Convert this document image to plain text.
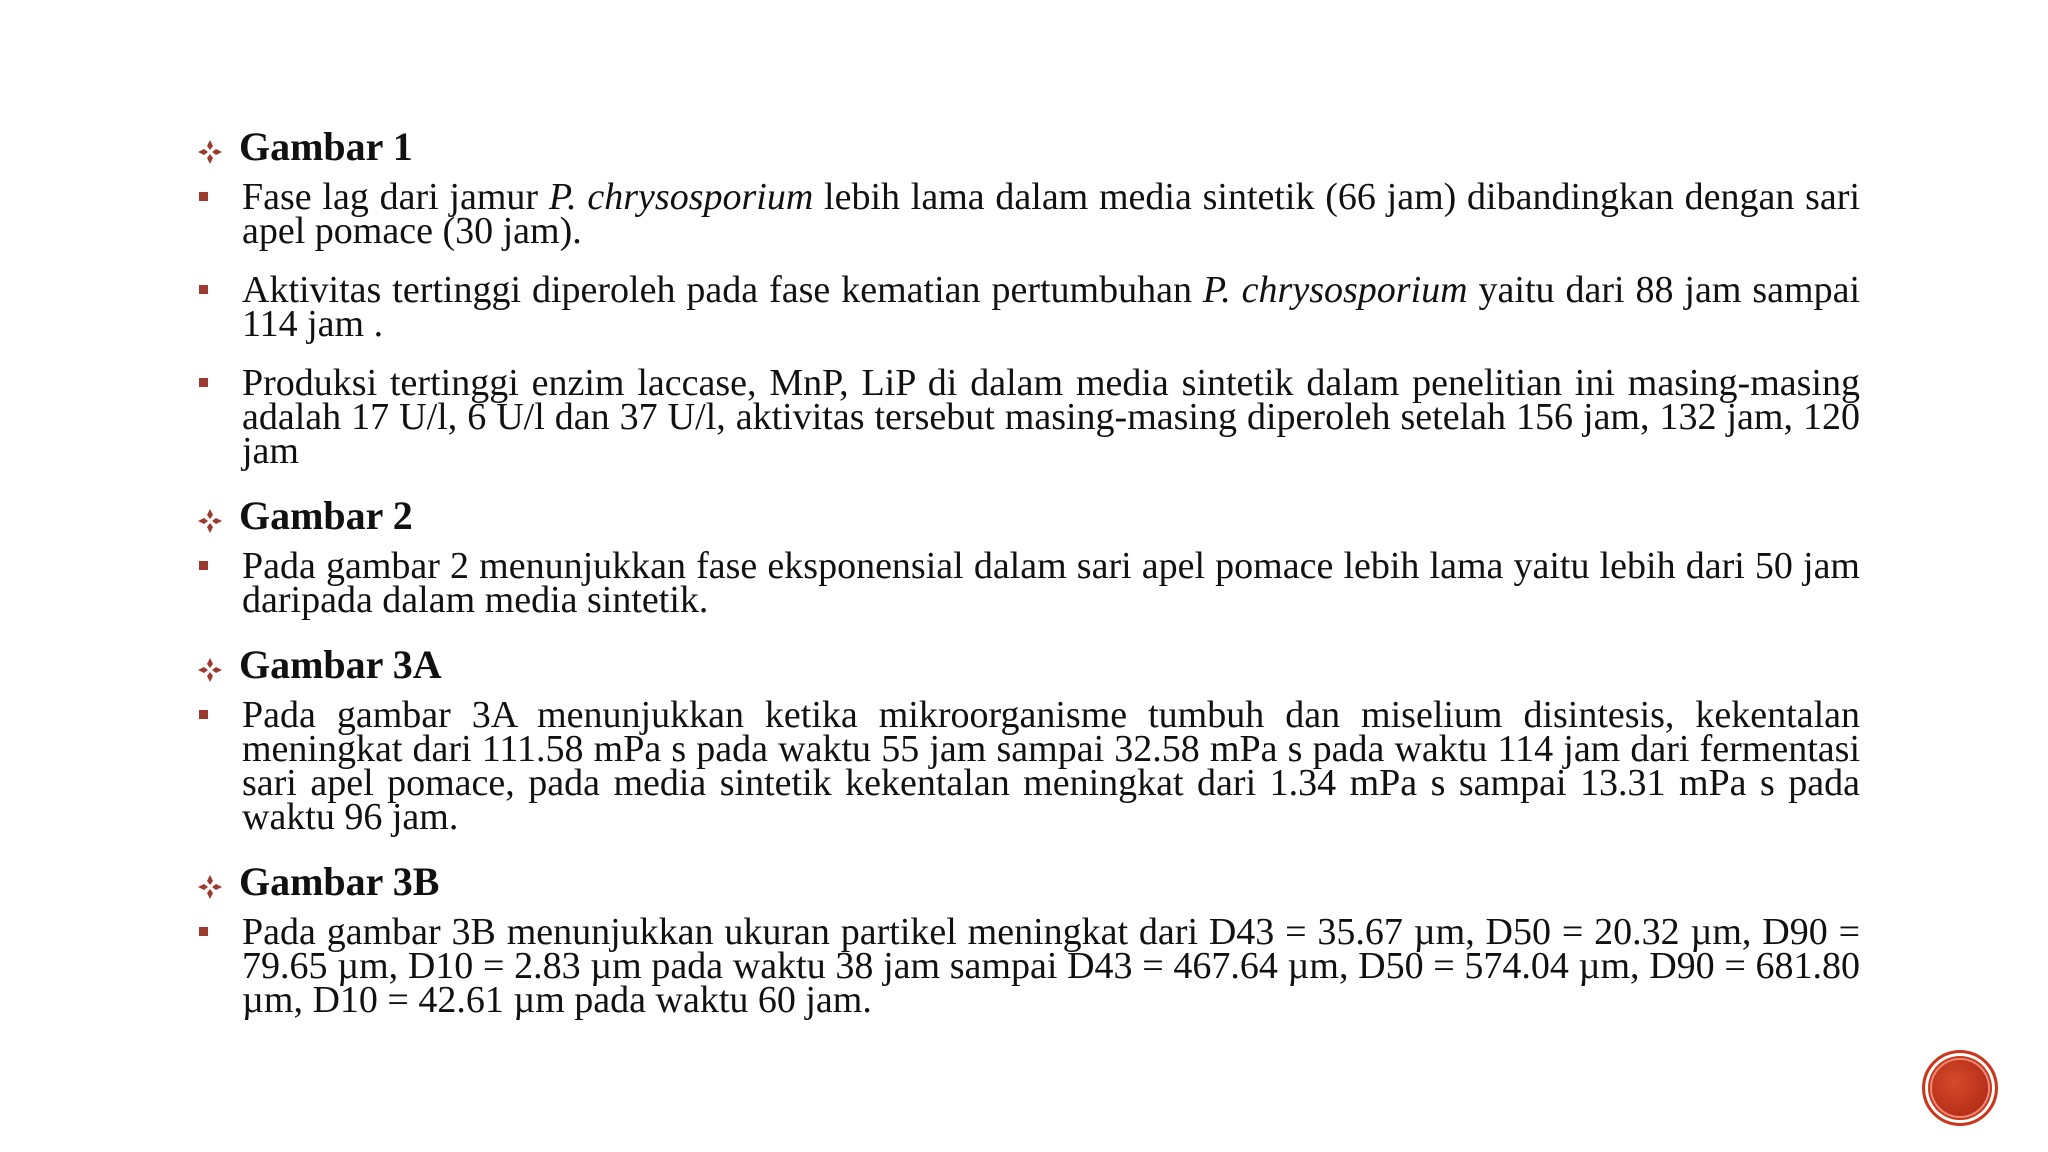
Gambar 1

Fase lag dari jamur P. chrysosporium lebih lama dalam media sintetik (66 jam) dibandingkan dengan sari apel pomace (30 jam).

Aktivitas tertinggi diperoleh pada fase kematian pertumbuhan P. chrysosporium yaitu dari 88 jam sampai 114 jam .

Produksi tertinggi enzim laccase, MnP, LiP di dalam media sintetik dalam penelitian ini masing-masing adalah 17 U/l, 6 U/l dan 37 U/l, aktivitas tersebut masing-masing diperoleh setelah 156 jam, 132 jam, 120 jam

Gambar 2

Pada gambar 2 menunjukkan fase eksponensial dalam sari apel pomace lebih lama yaitu lebih dari 50 jam daripada dalam media sintetik.

Gambar 3A

Pada gambar 3A menunjukkan ketika mikroorganisme tumbuh dan miselium disintesis, kekentalan meningkat dari 111.58 mPa s pada waktu 55 jam sampai 32.58 mPa s pada waktu 114 jam dari fermentasi sari apel pomace, pada media sintetik kekentalan meningkat dari 1.34 mPa s sampai 13.31 mPa s pada waktu 96 jam.

Gambar 3B

Pada gambar 3B menunjukkan ukuran partikel meningkat dari D43 = 35.67 µm, D50 = 20.32 µm, D90 = 79.65 µm, D10 = 2.83 µm pada waktu 38 jam sampai D43 = 467.64 µm, D50 = 574.04 µm, D90 = 681.80 µm, D10 = 42.61 µm pada waktu 60 jam.
